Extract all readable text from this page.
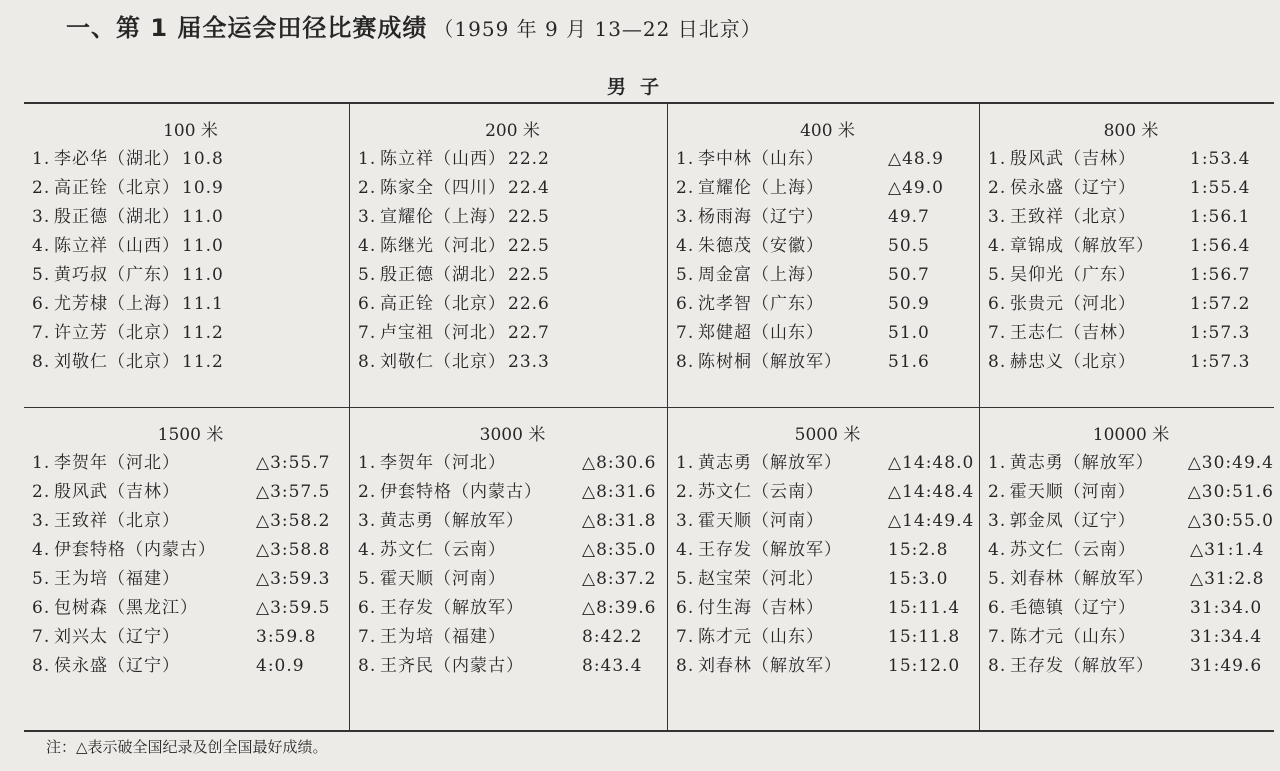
一、第 1 届全运会田径比赛成绩 （1959 年 9 月 13—22 日北京）
男子
100 米
1. 李必华（湖北） 10.8
2. 高正铨（北京） 10.9
3. 殷正德（湖北） 11.0
4. 陈立祥（山西） 11.0
5. 黄巧叔（广东） 11.0
6. 尤芳棣（上海） 11.1
7. 许立芳（北京） 11.2
8. 刘敬仁（北京） 11.2
200 米
1. 陈立祥（山西） 22.2
2. 陈家全（四川） 22.4
3. 宣耀伦（上海） 22.5
4. 陈继光（河北） 22.5
5. 殷正德（湖北） 22.5
6. 高正铨（北京） 22.6
7. 卢宝祖（河北） 22.7
8. 刘敬仁（北京） 23.3
400 米
1. 李中林（山东）	△48.9
2. 宣耀伦（上海）	△49.0
3. 杨雨海（辽宁）	49.7
4. 朱德茂（安徽）	50.5
5. 周金富（上海）	50.7
6. 沈孝智（广东）	50.9
7. 郑健超（山东）	51.0
8. 陈树桐（解放军）	51.6
800 米
1. 殷风武（吉林）	1:53.4
2. 侯永盛（辽宁）	1:55.4
3. 王致祥（北京）	1:56.1
4. 章锦成（解放军）	1:56.4
5. 吴仰光（广东）	1:56.7
6. 张贵元（河北）	1:57.2
7. 王志仁（吉林）	1:57.3
8. 赫忠义（北京）	1:57.3
1500 米
1. 李贺年（河北）	△3:55.7
2. 殷风武（吉林）	△3:57.5
3. 王致祥（北京）	△3:58.2
4. 伊套特格（内蒙古）	△3:58.8
5. 王为培（福建）	△3:59.3
6. 包树森（黑龙江）	△3:59.5
7. 刘兴太（辽宁）	3:59.8
8. 侯永盛（辽宁）	4:0.9
3000 米
1. 李贺年（河北）	△8:30.6
2. 伊套特格（内蒙古）	△8:31.6
3. 黄志勇（解放军）	△8:31.8
4. 苏文仁（云南）	△8:35.0
5. 霍天顺（河南）	△8:37.2
6. 王存发（解放军）	△8:39.6
7. 王为培（福建）	8:42.2
8. 王齐民（内蒙古）	8:43.4
5000 米
1. 黄志勇（解放军）	△14:48.0
2. 苏文仁（云南）	△14:48.4
3. 霍天顺（河南）	△14:49.4
4. 王存发（解放军）	15:2.8
5. 赵宝荣（河北）	15:3.0
6. 付生海（吉林）	15:11.4
7. 陈才元（山东）	15:11.8
8. 刘春林（解放军）	15:12.0
10000 米
1. 黄志勇（解放军）	△30:49.4
2. 霍天顺（河南）	△30:51.6
3. 郭金凤（辽宁）	△30:55.0
4. 苏文仁（云南）	△31:1.4
5. 刘春林（解放军）	△31:2.8
6. 毛德镇（辽宁）	31:34.0
7. 陈才元（山东）	31:34.4
8. 王存发（解放军）	31:49.6
注：△表示破全国纪录及创全国最好成绩。
